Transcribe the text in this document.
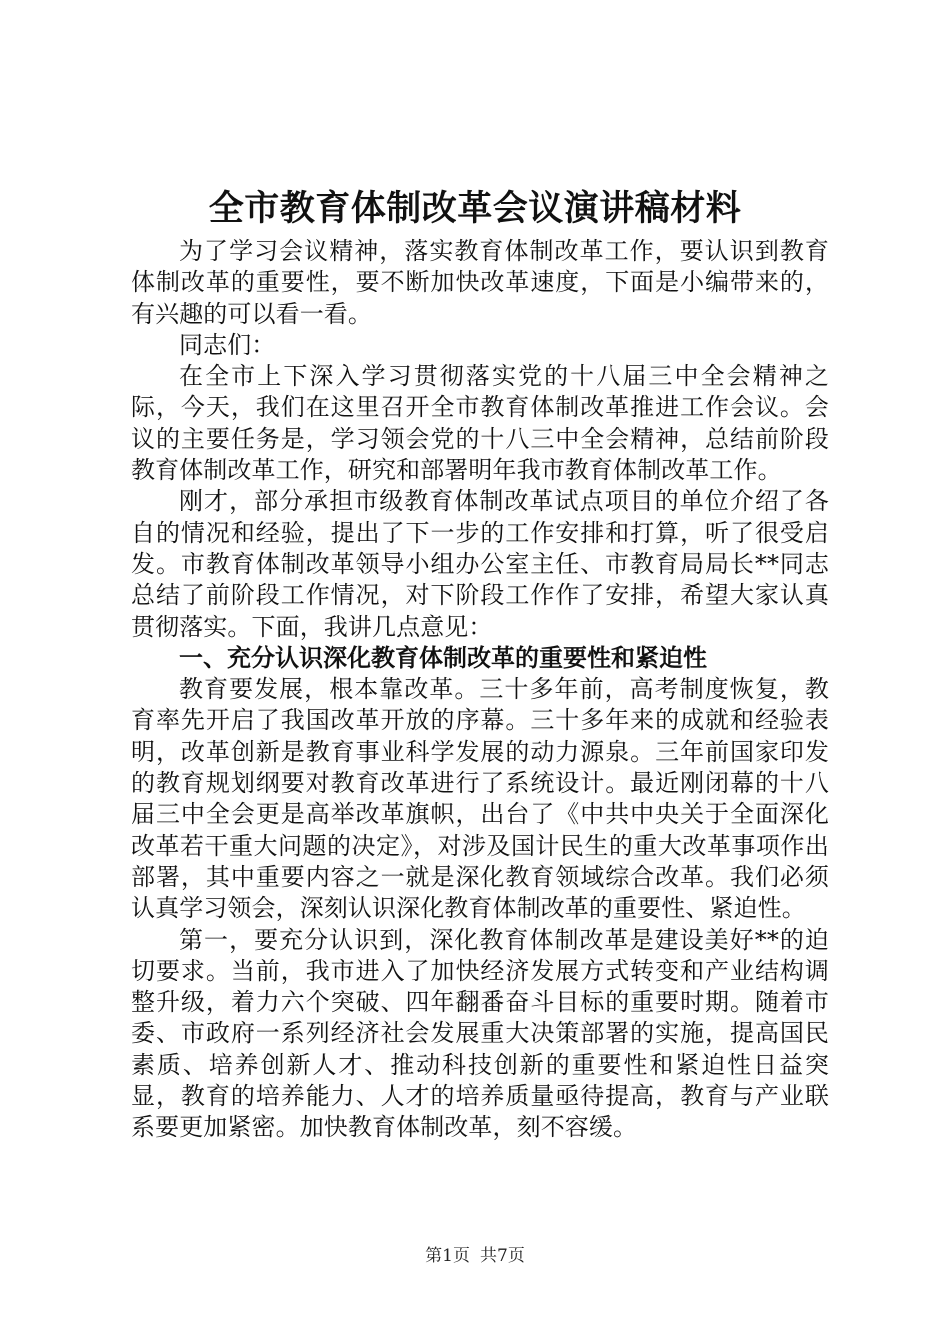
全市教育体制改革会议演讲稿材料

为了学习会议精神，落实教育体制改革工作，要认识到教育体制改革的重要性，要不断加快改革速度，下面是小编带来的，有兴趣的可以看一看。

同志们：

在全市上下深入学习贯彻落实党的十八届三中全会精神之际，今天，我们在这里召开全市教育体制改革推进工作会议。会议的主要任务是，学习领会党的十八三中全会精神，总结前阶段教育体制改革工作，研究和部署明年我市教育体制改革工作。

刚才，部分承担市级教育体制改革试点项目的单位介绍了各自的情况和经验，提出了下一步的工作安排和打算，听了很受启发。市教育体制改革领导小组办公室主任、市教育局局长**同志总结了前阶段工作情况，对下阶段工作作了安排，希望大家认真贯彻落实。下面，我讲几点意见：

一、充分认识深化教育体制改革的重要性和紧迫性

教育要发展，根本靠改革。三十多年前，高考制度恢复，教育率先开启了我国改革开放的序幕。三十多年来的成就和经验表明，改革创新是教育事业科学发展的动力源泉。三年前国家印发的教育规划纲要对教育改革进行了系统设计。最近刚闭幕的十八届三中全会更是高举改革旗帜，出台了《中共中央关于全面深化改革若干重大问题的决定》，对涉及国计民生的重大改革事项作出部署，其中重要内容之一就是深化教育领域综合改革。我们必须认真学习领会，深刻认识深化教育体制改革的重要性、紧迫性。

第一，要充分认识到，深化教育体制改革是建设美好**的迫切要求。当前，我市进入了加快经济发展方式转变和产业结构调整升级，着力六个突破、四年翻番奋斗目标的重要时期。随着市委、市政府一系列经济社会发展重大决策部署的实施，提高国民素质、培养创新人才、推动科技创新的重要性和紧迫性日益突显，教育的培养能力、人才的培养质量亟待提高，教育与产业联系要更加紧密。加快教育体制改革，刻不容缓。

第1页 共7页
